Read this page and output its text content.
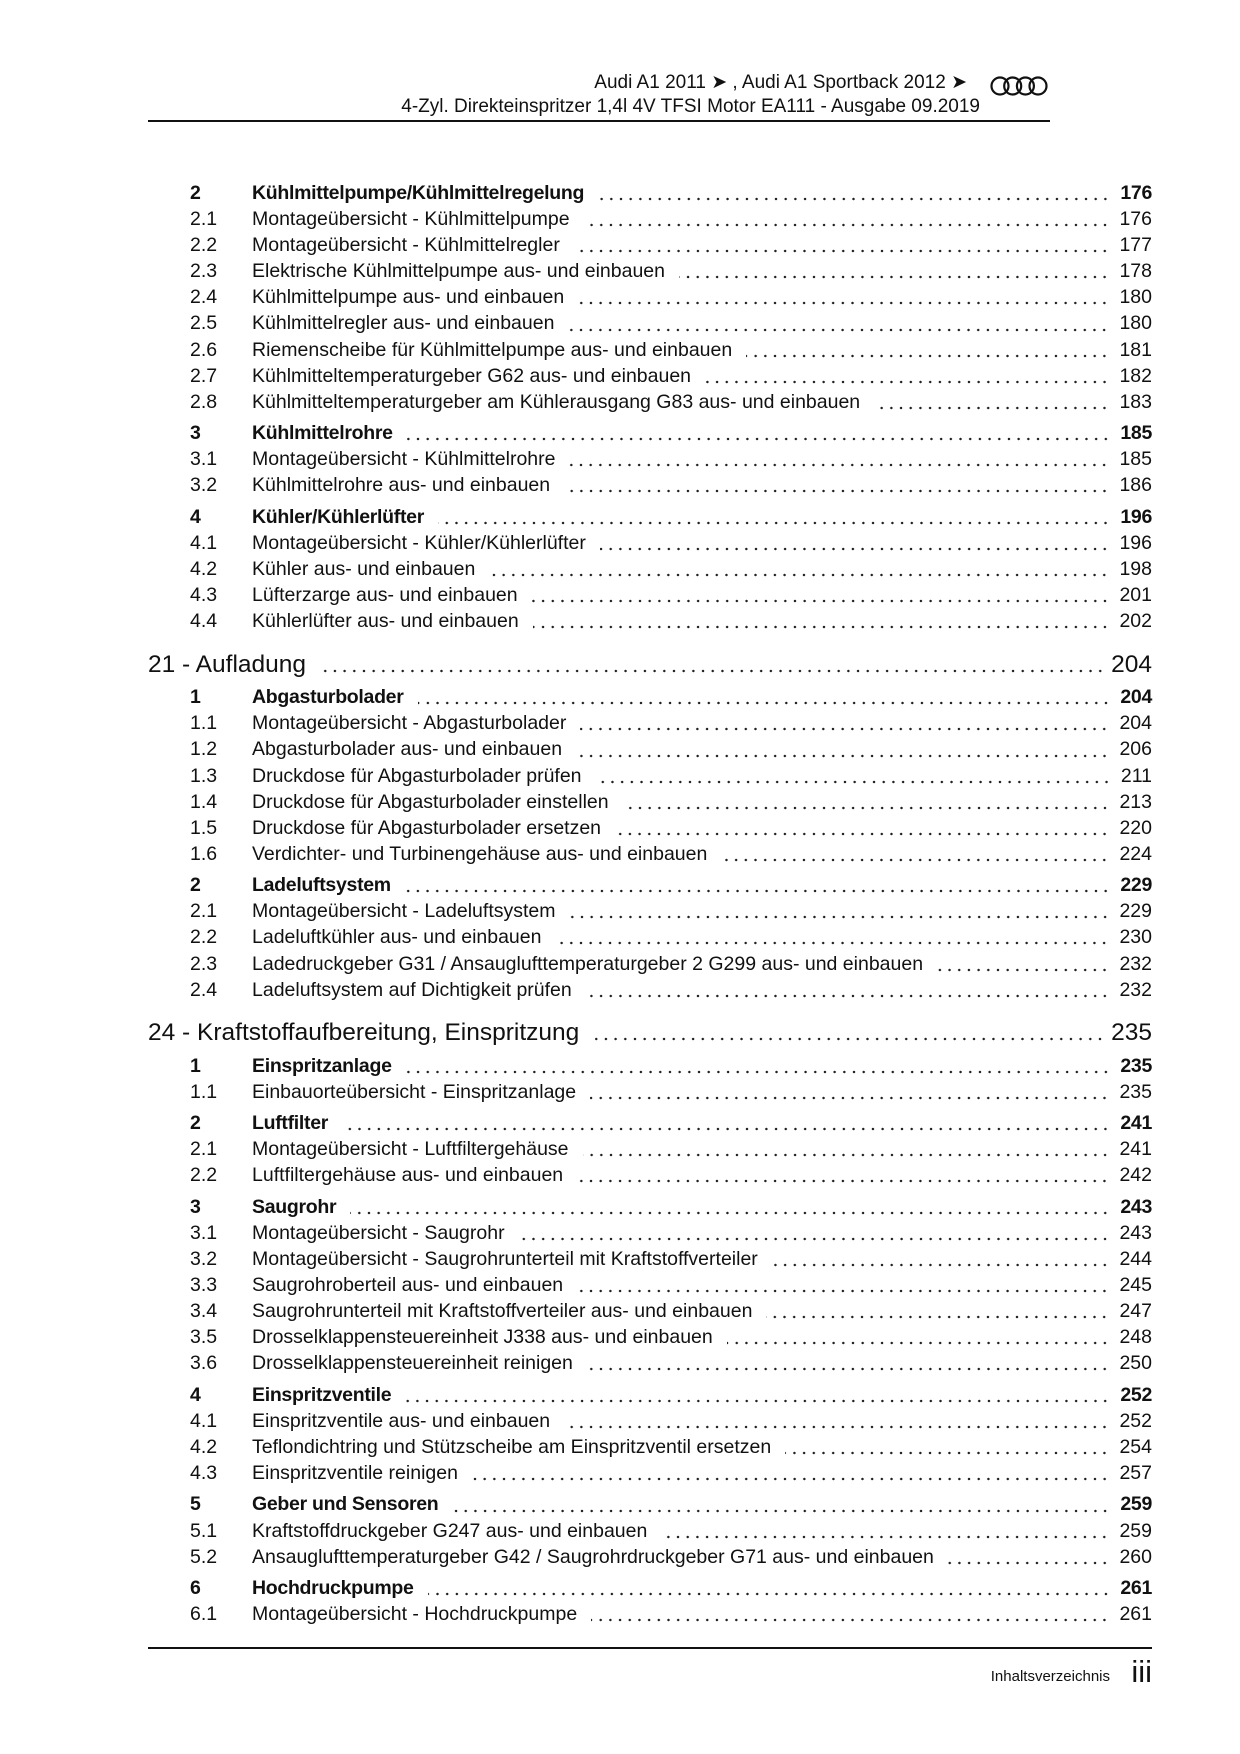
Audi A1 2011 ➤ , Audi A1 Sportback 2012 ➤
4-Zyl. Direkteinspritzer 1,4l 4V TFSI Motor EA111 - Ausgabe 09.2019
2	Kühlmittelpumpe/Kühlmittelregelung	176
2.1	Montageübersicht - Kühlmittelpumpe	176
2.2	Montageübersicht - Kühlmittelregler	177
2.3	Elektrische Kühlmittelpumpe aus- und einbauen	178
2.4	Kühlmittelpumpe aus- und einbauen	180
2.5	Kühlmittelregler aus- und einbauen	180
2.6	Riemenscheibe für Kühlmittelpumpe aus- und einbauen	181
2.7	Kühlmitteltemperaturgeber G62 aus- und einbauen	182
2.8	Kühlmitteltemperaturgeber am Kühlerausgang G83 aus- und einbauen	183
3	Kühlmittelrohre	185
3.1	Montageübersicht - Kühlmittelrohre	185
3.2	Kühlmittelrohre aus- und einbauen	186
4	Kühler/Kühlerlüfter	196
4.1	Montageübersicht - Kühler/Kühlerlüfter	196
4.2	Kühler aus- und einbauen	198
4.3	Lüfterzarge aus- und einbauen	201
4.4	Kühlerlüfter aus- und einbauen	202
21 - Aufladung	204
1	Abgasturbolader	204
1.1	Montageübersicht - Abgasturbolader	204
1.2	Abgasturbolader aus- und einbauen	206
1.3	Druckdose für Abgasturbolader prüfen	211
1.4	Druckdose für Abgasturbolader einstellen	213
1.5	Druckdose für Abgasturbolader ersetzen	220
1.6	Verdichter- und Turbinengehäuse aus- und einbauen	224
2	Ladeluftsystem	229
2.1	Montageübersicht - Ladeluftsystem	229
2.2	Ladeluftkühler aus- und einbauen	230
2.3	Ladedruckgeber G31 / Ansauglufttemperaturgeber 2 G299 aus- und einbauen	232
2.4	Ladeluftsystem auf Dichtigkeit prüfen	232
24 - Kraftstoffaufbereitung, Einspritzung	235
1	Einspritzanlage	235
1.1	Einbauorteübersicht - Einspritzanlage	235
2	Luftfilter	241
2.1	Montageübersicht - Luftfiltergehäuse	241
2.2	Luftfiltergehäuse aus- und einbauen	242
3	Saugrohr	243
3.1	Montageübersicht - Saugrohr	243
3.2	Montageübersicht - Saugrohrunterteil mit Kraftstoffverteiler	244
3.3	Saugrohroberteil aus- und einbauen	245
3.4	Saugrohrunterteil mit Kraftstoffverteiler aus- und einbauen	247
3.5	Drosselklappensteuereinheit J338 aus- und einbauen	248
3.6	Drosselklappensteuereinheit reinigen	250
4	Einspritzventile	252
4.1	Einspritzventile aus- und einbauen	252
4.2	Teflondichtring und Stützscheibe am Einspritzventil ersetzen	254
4.3	Einspritzventile reinigen	257
5	Geber und Sensoren	259
5.1	Kraftstoffdruckgeber G247 aus- und einbauen	259
5.2	Ansauglufttemperaturgeber G42 / Saugrohrdruckgeber G71 aus- und einbauen	260
6	Hochdruckpumpe	261
6.1	Montageübersicht - Hochdruckpumpe	261
Inhaltsverzeichnis iii
